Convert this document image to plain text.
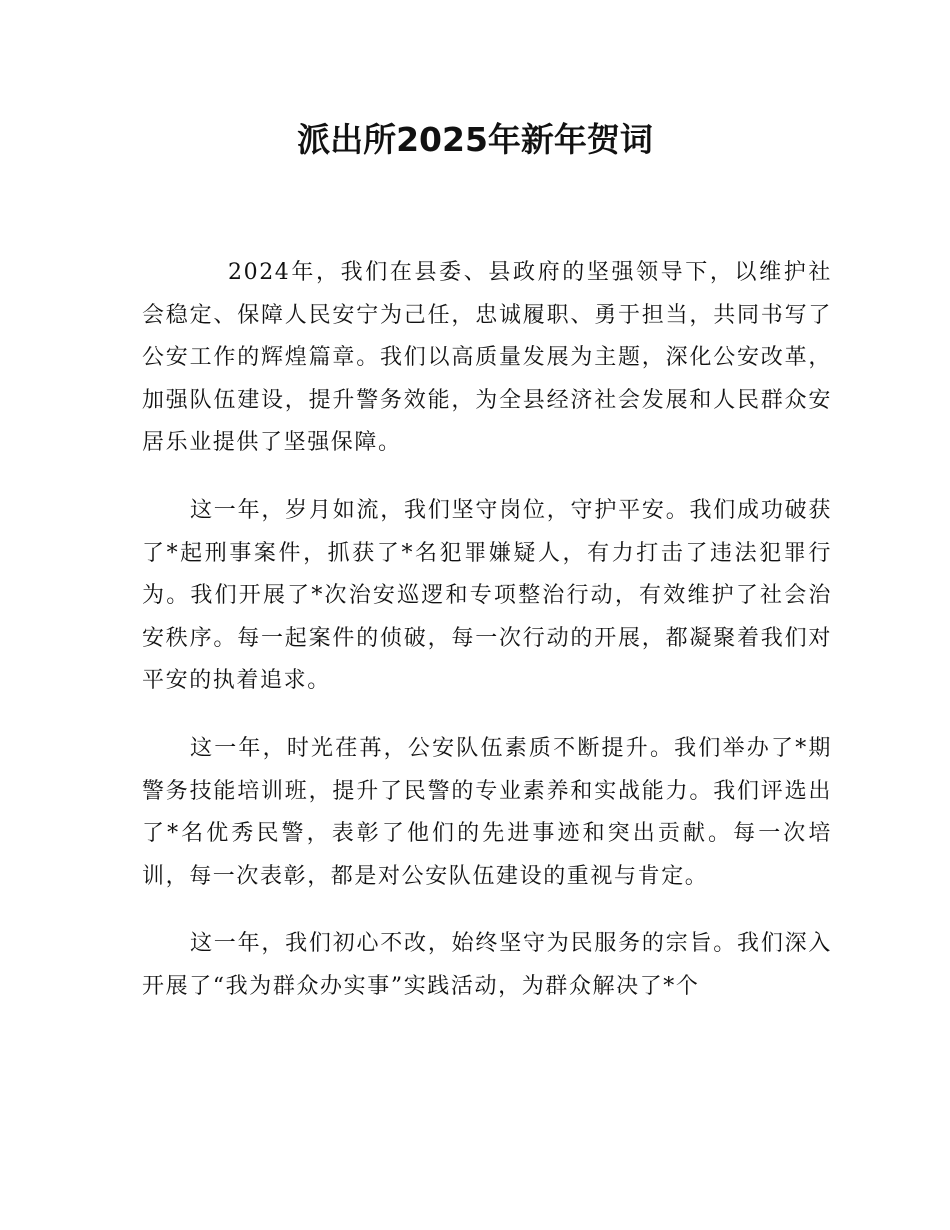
派出所2025年新年贺词

2024年，我们在县委、县政府的坚强领导下，以维护社会稳定、保障人民安宁为己任，忠诚履职、勇于担当，共同书写了公安工作的辉煌篇章。我们以高质量发展为主题，深化公安改革，加强队伍建设，提升警务效能，为全县经济社会发展和人民群众安居乐业提供了坚强保障。

这一年，岁月如流，我们坚守岗位，守护平安。我们成功破获了*起刑事案件，抓获了*名犯罪嫌疑人，有力打击了违法犯罪行为。我们开展了*次治安巡逻和专项整治行动，有效维护了社会治安秩序。每一起案件的侦破，每一次行动的开展，都凝聚着我们对平安的执着追求。

这一年，时光荏苒，公安队伍素质不断提升。我们举办了*期警务技能培训班，提升了民警的专业素养和实战能力。我们评选出了*名优秀民警，表彰了他们的先进事迹和突出贡献。每一次培训，每一次表彰，都是对公安队伍建设的重视与肯定。

这一年，我们初心不改，始终坚守为民服务的宗旨。我们深入开展了“我为群众办实事”实践活动，为群众解决了*个
